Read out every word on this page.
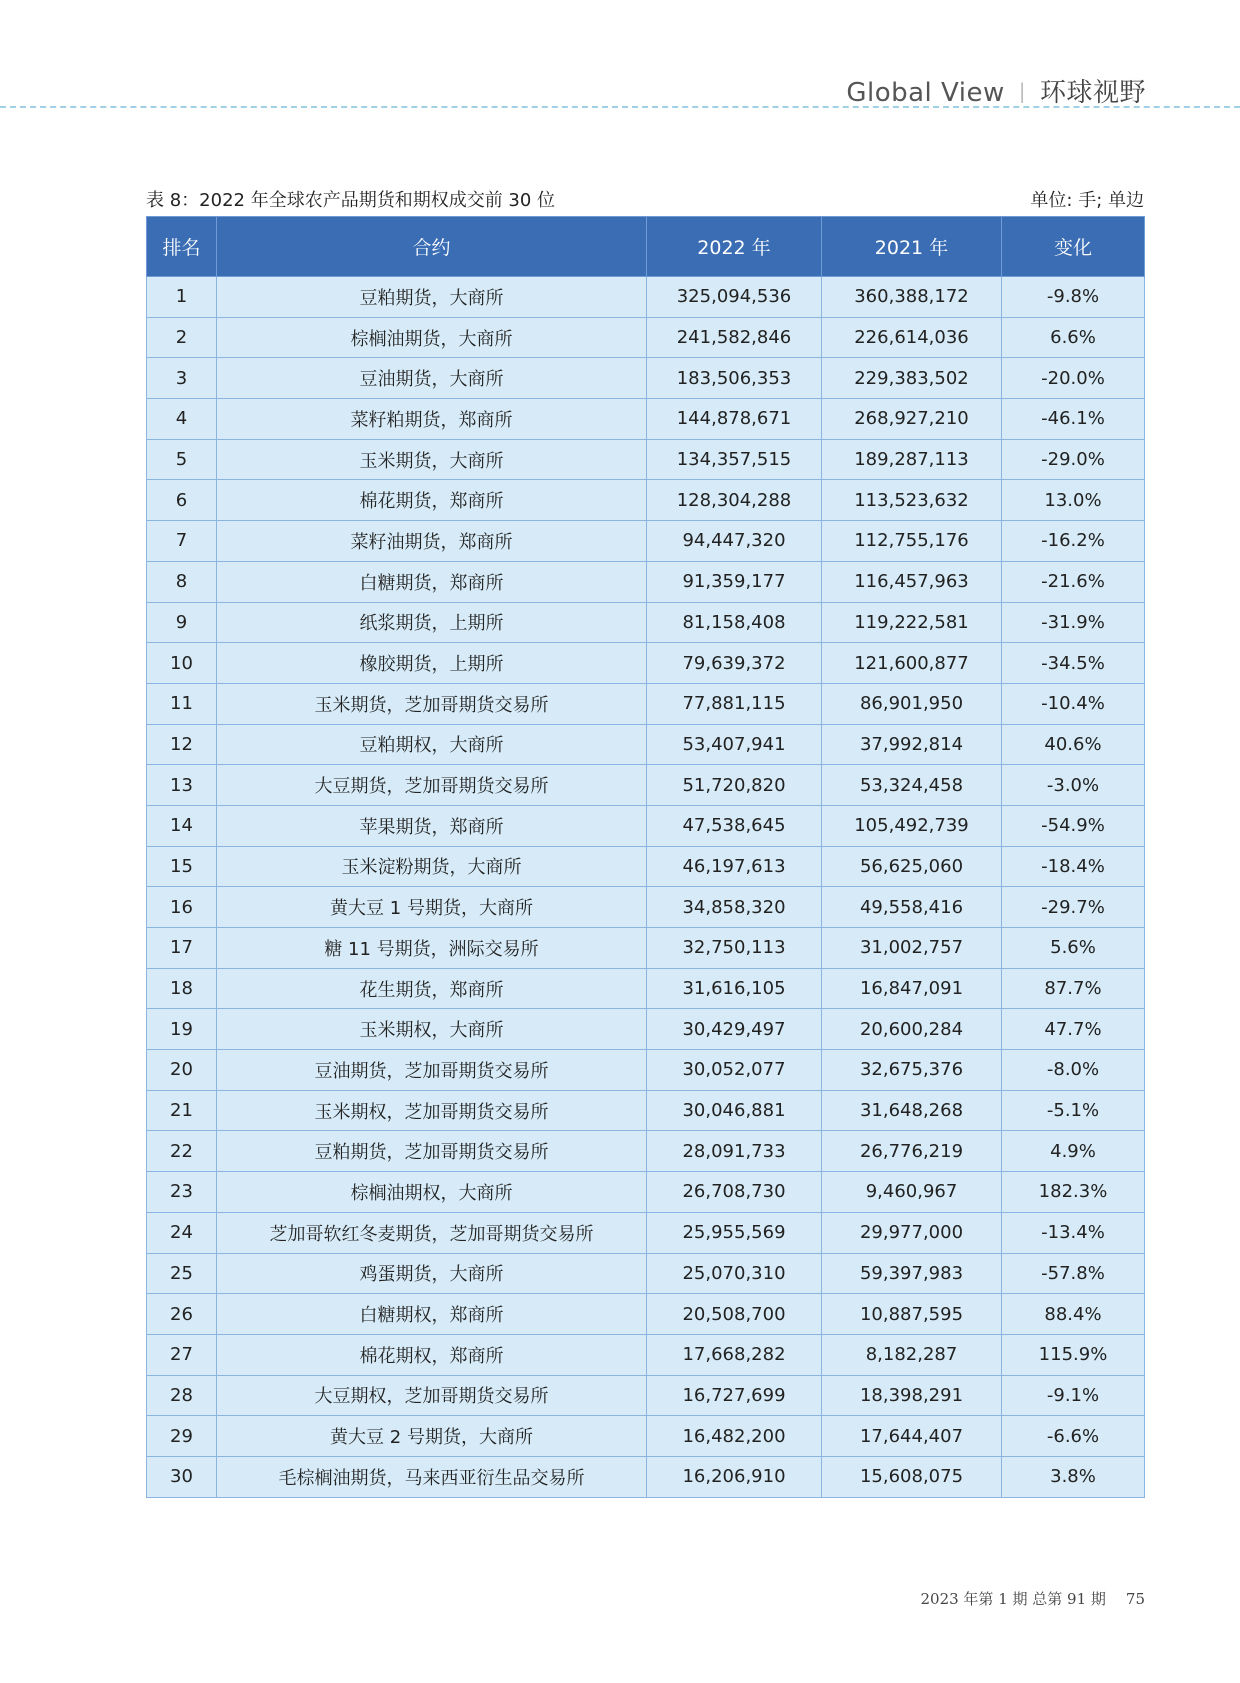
Global View | 环球视野
表 8：2022 年全球农产品期货和期权成交前 30 位	单位: 手; 单边
排名	合约	2022 年	2021 年	变化
1	豆粕期货，大商所	325,094,536	360,388,172	-9.8%
2	棕榈油期货，大商所	241,582,846	226,614,036	6.6%
3	豆油期货，大商所	183,506,353	229,383,502	-20.0%
4	菜籽粕期货，郑商所	144,878,671	268,927,210	-46.1%
5	玉米期货，大商所	134,357,515	189,287,113	-29.0%
6	棉花期货，郑商所	128,304,288	113,523,632	13.0%
7	菜籽油期货，郑商所	94,447,320	112,755,176	-16.2%
8	白糖期货，郑商所	91,359,177	116,457,963	-21.6%
9	纸浆期货，上期所	81,158,408	119,222,581	-31.9%
10	橡胶期货，上期所	79,639,372	121,600,877	-34.5%
11	玉米期货，芝加哥期货交易所	77,881,115	86,901,950	-10.4%
12	豆粕期权，大商所	53,407,941	37,992,814	40.6%
13	大豆期货，芝加哥期货交易所	51,720,820	53,324,458	-3.0%
14	苹果期货，郑商所	47,538,645	105,492,739	-54.9%
15	玉米淀粉期货，大商所	46,197,613	56,625,060	-18.4%
16	黄大豆 1 号期货，大商所	34,858,320	49,558,416	-29.7%
17	糖 11 号期货，洲际交易所	32,750,113	31,002,757	5.6%
18	花生期货，郑商所	31,616,105	16,847,091	87.7%
19	玉米期权，大商所	30,429,497	20,600,284	47.7%
20	豆油期货，芝加哥期货交易所	30,052,077	32,675,376	-8.0%
21	玉米期权，芝加哥期货交易所	30,046,881	31,648,268	-5.1%
22	豆粕期货，芝加哥期货交易所	28,091,733	26,776,219	4.9%
23	棕榈油期权，大商所	26,708,730	9,460,967	182.3%
24	芝加哥软红冬麦期货，芝加哥期货交易所	25,955,569	29,977,000	-13.4%
25	鸡蛋期货，大商所	25,070,310	59,397,983	-57.8%
26	白糖期权，郑商所	20,508,700	10,887,595	88.4%
27	棉花期权，郑商所	17,668,282	8,182,287	115.9%
28	大豆期权，芝加哥期货交易所	16,727,699	18,398,291	-9.1%
29	黄大豆 2 号期货，大商所	16,482,200	17,644,407	-6.6%
30	毛棕榈油期货，马来西亚衍生品交易所	16,206,910	15,608,075	3.8%
2023 年第 1 期 总第 91 期 75
